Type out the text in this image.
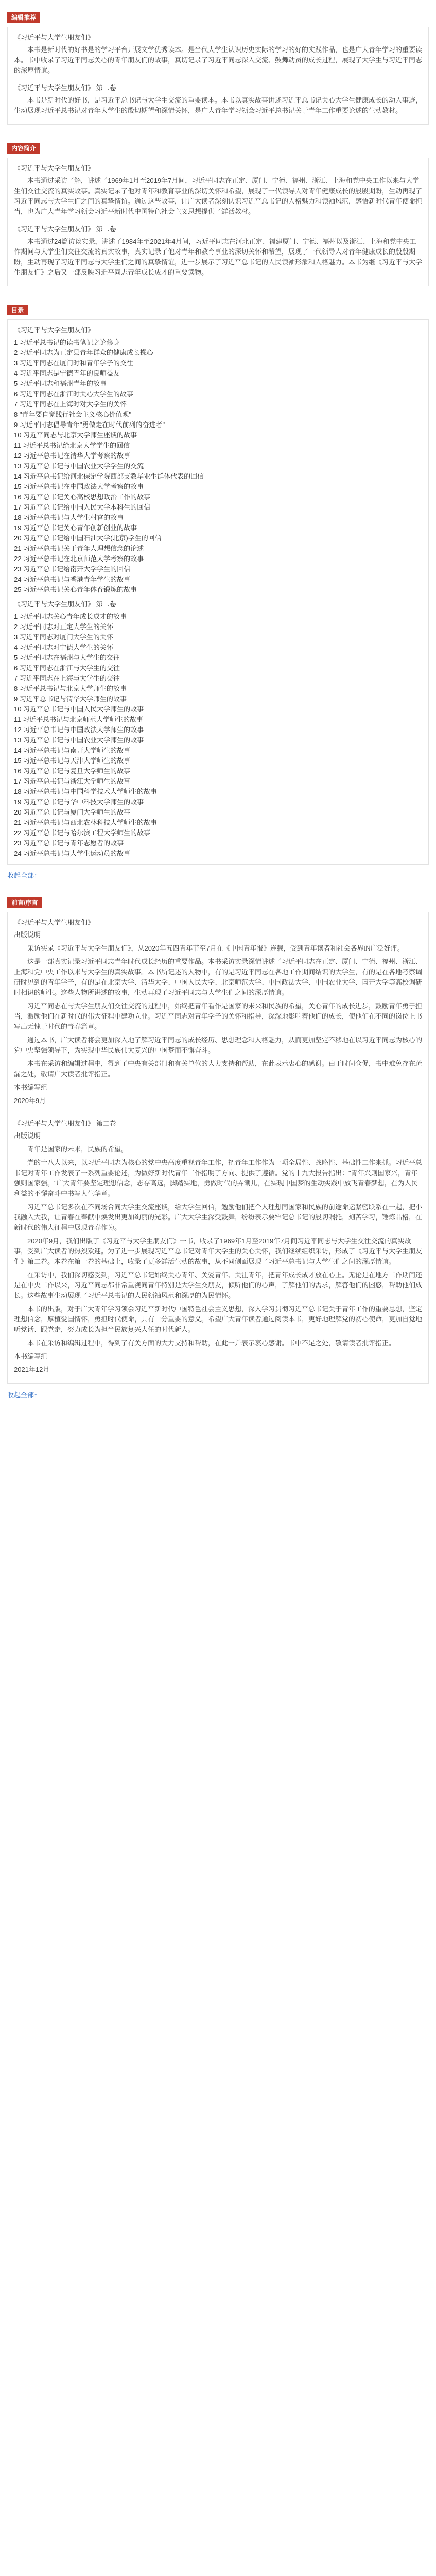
编辑推荐

《习近平与大学生朋友们》

本书是新时代的好书是的学习平台开展文学优秀读本。是当代大学生认识历史实际的学习的好的实践作品，也是广大青年学习的重要读本。书中收录了习近平同志关心的青年朋友们的故事，真切记录了习近平同志深入交流、鼓舞动员的成长过程，展现了大学生与习近平同志的深厚情谊。

《习近平与大学生朋友们》 第二卷

本书是新时代的好书，是习近平总书记与大学生交流的重要读本。本书以真实故事讲述习近平总书记关心大学生健康成长的动人事迹，生动展现习近平总书记对青年大学生的殷切期望和深情关怀，是广大青年学习领会习近平总书记关于青年工作重要论述的生动教材。

内容简介

《习近平与大学生朋友们》

本书通过采访了解，讲述了1969年1月至2019年7月间，习近平同志在正定、厦门、宁德、福州、浙江、上海和党中央工作以来与大学生们交往交流的真实故事。真实记录了他对青年和教育事业的深切关怀和希望，展现了一代领导人对青年健康成长的殷殷期盼，生动再现了习近平同志与大学生们之间的真挚情谊。通过这些故事，让广大读者深刻认识习近平总书记的人格魅力和领袖风范，感悟新时代青年使命担当，也为广大青年学习领会习近平新时代中国特色社会主义思想提供了鲜活教材。

《习近平与大学生朋友们》 第二卷

本书通过24篇访谈实录，讲述了1984年至2021年4月间，习近平同志在河北正定、福建厦门、宁德、福州以及浙江、上海和党中央工作期间与大学生们交往交流的真实故事，真实记录了他对青年和教育事业的深切关怀和希望，展现了一代领导人对青年健康成长的殷殷期盼，生动再现了习近平同志与大学生们之间的真挚情谊，进一步展示了习近平总书记的人民领袖形象和人格魅力。本书为继《习近平与大学生朋友们》之后又一部反映习近平同志青年成长成才的重要读物。

目录

《习近平与大学生朋友们》

1 习近平总书记的读书笔记之论修身
2 习近平同志为正定县青年群众的健康成长操心
3 习近平同志在厦门时和青年学子的交往
4 习近平同志是宁德青年的良师益友
5 习近平同志和福州青年的故事
6 习近平同志在浙江时关心大学生的故事
7 习近平同志在上海时对大学生的关怀
8 "青年要自觉践行社会主义核心价值观"
9 习近平同志倡导青年"勇做走在时代前列的奋进者"
10 习近平同志与北京大学师生座谈的故事
11 习近平总书记给北京大学学生的回信
12 习近平总书记在清华大学考察的故事
13 习近平总书记与中国农业大学学生的交流
14 习近平总书记给河北保定学院西部支教毕业生群体代表的回信
15 习近平总书记在中国政法大学考察的故事
16 习近平总书记关心高校思想政治工作的故事
17 习近平总书记给中国人民大学本科生的回信
18 习近平总书记与大学生村官的故事
19 习近平总书记关心青年创新创业的故事
20 习近平总书记给中国石油大学(北京)学生的回信
21 习近平总书记关于青年人理想信念的论述
22 习近平总书记在北京师范大学考察的故事
23 习近平总书记给南开大学学生的回信
24 习近平总书记与香港青年学生的故事
25 习近平总书记关心青年体育锻炼的故事

《习近平与大学生朋友们》 第二卷

1 习近平同志关心青年成长成才的故事
2 习近平同志对正定大学生的关怀
3 习近平同志对厦门大学生的关怀
4 习近平同志对宁德大学生的关怀
5 习近平同志在福州与大学生的交往
6 习近平同志在浙江与大学生的交往
7 习近平同志在上海与大学生的交往
8 习近平总书记与北京大学师生的故事
9 习近平总书记与清华大学师生的故事
10 习近平总书记与中国人民大学师生的故事
11 习近平总书记与北京师范大学师生的故事
12 习近平总书记与中国政法大学师生的故事
13 习近平总书记与中国农业大学师生的故事
14 习近平总书记与南开大学师生的故事
15 习近平总书记与天津大学师生的故事
16 习近平总书记与复旦大学师生的故事
17 习近平总书记与浙江大学师生的故事
18 习近平总书记与中国科学技术大学师生的故事
19 习近平总书记与华中科技大学师生的故事
20 习近平总书记与厦门大学师生的故事
21 习近平总书记与西北农林科技大学师生的故事
22 习近平总书记与哈尔滨工程大学师生的故事
23 习近平总书记与青年志愿者的故事
24 习近平总书记与大学生运动员的故事
收起全部↑
前言/序言

《习近平与大学生朋友们》

出版说明

采访实录《习近平与大学生朋友们》，从2020年五四青年节至7月在《中国青年报》连载，受到青年读者和社会各界的广泛好评。

这是一部真实记录习近平同志青年时代成长经历的重要作品。本书采访实录深情讲述了习近平同志在正定、厦门、宁德、福州、浙江、上海和党中央工作以来与大学生的真实故事。本书所记述的人物中，有的是习近平同志在各地工作期间结识的大学生，有的是在各地考察调研时见到的青年学子，有的是在北京大学、清华大学、中国人民大学、北京师范大学、中国政法大学、中国农业大学、南开大学等高校调研时相识的师生。这些人物所讲述的故事，生动再现了习近平同志与大学生们之间的深厚情谊。

习近平同志在与大学生朋友们交往交流的过程中，始终把青年看作是国家的未来和民族的希望，关心青年的成长进步，鼓励青年勇于担当，激励他们在新时代的伟大征程中建功立业。习近平同志对青年学子的关怀和指导，深深地影响着他们的成长，使他们在不同的岗位上书写出无愧于时代的青春篇章。

通过本书，广大读者将会更加深入地了解习近平同志的成长经历、思想理念和人格魅力，从而更加坚定不移地在以习近平同志为核心的党中央坚强领导下，为实现中华民族伟大复兴的中国梦而不懈奋斗。

本书在采访和编辑过程中，得到了中央有关部门和有关单位的大力支持和帮助，在此表示衷心的感谢。由于时间仓促，书中难免存在疏漏之处，敬请广大读者批评指正。

本书编写组

2020年9月

《习近平与大学生朋友们》 第二卷

出版说明

青年是国家的未来，民族的希望。

党的十八大以来，以习近平同志为核心的党中央高度重视青年工作，把青年工作作为一项全局性、战略性、基础性工作来抓。习近平总书记对青年工作发表了一系列重要论述，为做好新时代青年工作指明了方向、提供了遵循。党的十九大报告指出："青年兴则国家兴，青年强则国家强。"广大青年要坚定理想信念，志存高远，脚踏实地，勇做时代的弄潮儿，在实现中国梦的生动实践中放飞青春梦想，在为人民利益的不懈奋斗中书写人生华章。

习近平总书记多次在不同场合同大学生交流座谈，给大学生回信，勉励他们把个人理想同国家和民族的前途命运紧密联系在一起，把小我融入大我，让青春在奉献中焕发出更加绚丽的光彩。广大大学生深受鼓舞，纷纷表示要牢记总书记的殷切嘱托，刻苦学习，锤炼品格，在新时代的伟大征程中展现青春作为。

2020年9月，我们出版了《习近平与大学生朋友们》一书，收录了1969年1月至2019年7月间习近平同志与大学生交往交流的真实故事，受到广大读者的热烈欢迎。为了进一步展现习近平总书记对青年大学生的关心关怀，我们继续组织采访，形成了《习近平与大学生朋友们》第二卷。本卷在第一卷的基础上，收录了更多鲜活生动的故事，从不同侧面展现了习近平总书记与大学生们之间的深厚情谊。

在采访中，我们深切感受到，习近平总书记始终关心青年、关爱青年、关注青年，把青年成长成才放在心上。无论是在地方工作期间还是在中央工作以来，习近平同志都非常重视同青年特别是大学生交朋友，倾听他们的心声，了解他们的需求，解答他们的困惑，帮助他们成长。这些故事生动展现了习近平总书记的人民领袖风范和深厚的为民情怀。

本书的出版，对于广大青年学习领会习近平新时代中国特色社会主义思想，深入学习贯彻习近平总书记关于青年工作的重要思想，坚定理想信念，厚植爱国情怀，勇担时代使命，具有十分重要的意义。希望广大青年读者通过阅读本书，更好地理解党的初心使命，更加自觉地听党话、跟党走，努力成长为担当民族复兴大任的时代新人。

本书在采访和编辑过程中，得到了有关方面的大力支持和帮助，在此一并表示衷心感谢。书中不足之处，敬请读者批评指正。

本书编写组

2021年12月

收起全部↑
